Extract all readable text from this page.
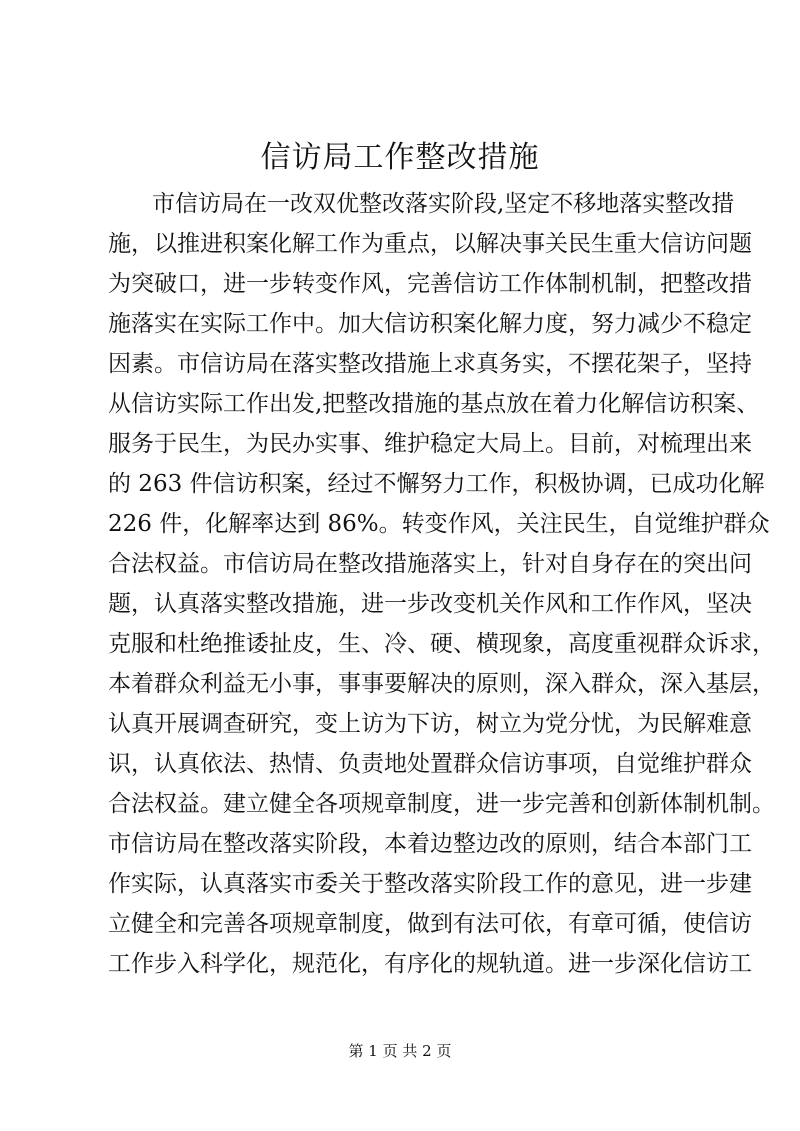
信访局工作整改措施
市信访局在一改双优整改落实阶段,坚定不移地落实整改措
施，以推进积案化解工作为重点，以解决事关民生重大信访问题
为突破口，进一步转变作风，完善信访工作体制机制，把整改措
施落实在实际工作中。加大信访积案化解力度，努力减少不稳定
因素。市信访局在落实整改措施上求真务实，不摆花架子，坚持
从信访实际工作出发,把整改措施的基点放在着力化解信访积案、
服务于民生，为民办实事、维护稳定大局上。目前，对梳理出来
的 263 件信访积案，经过不懈努力工作，积极协调，已成功化解
226 件，化解率达到 86%。转变作风，关注民生，自觉维护群众
合法权益。市信访局在整改措施落实上，针对自身存在的突出问
题，认真落实整改措施，进一步改变机关作风和工作作风，坚决
克服和杜绝推诿扯皮，生、冷、硬、横现象，高度重视群众诉求，
本着群众利益无小事，事事要解决的原则，深入群众，深入基层，
认真开展调查研究，变上访为下访，树立为党分忧，为民解难意
识，认真依法、热情、负责地处置群众信访事项，自觉维护群众
合法权益。建立健全各项规章制度，进一步完善和创新体制机制。
市信访局在整改落实阶段，本着边整边改的原则，结合本部门工
作实际，认真落实市委关于整改落实阶段工作的意见，进一步建
立健全和完善各项规章制度，做到有法可依，有章可循，使信访
工作步入科学化，规范化，有序化的规轨道。进一步深化信访工
第 1 页 共 2 页
